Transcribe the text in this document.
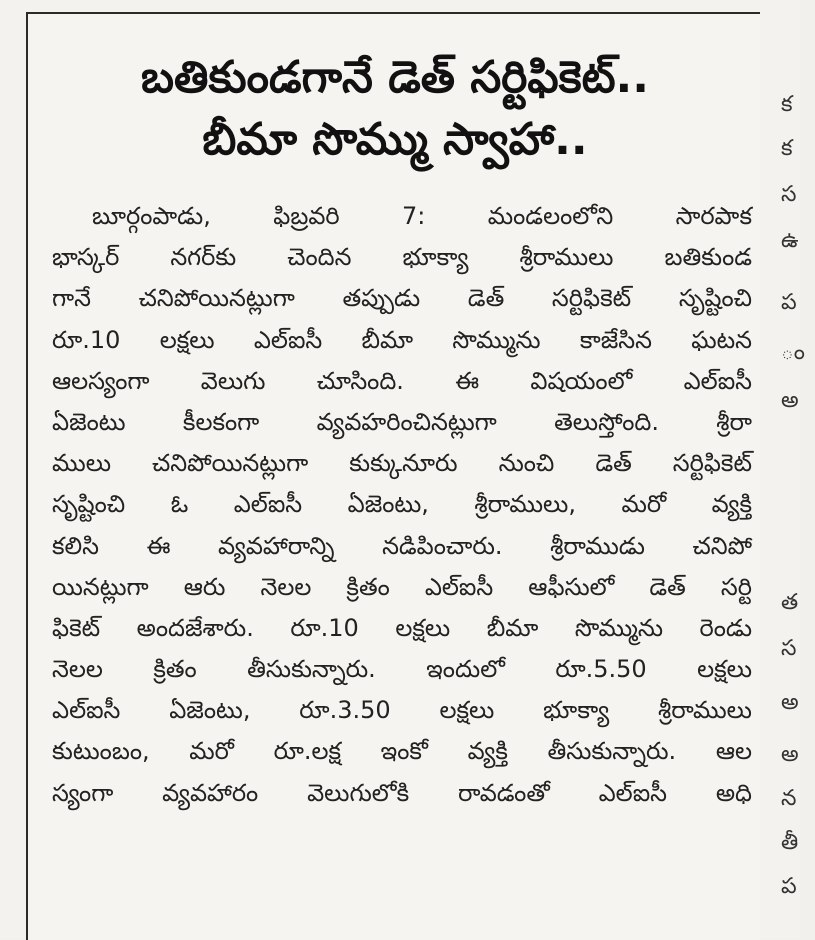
బతికుండగానే డెత్ సర్టిఫికెట్..
బీమా సొమ్ము స్వాహా..
బూర్గంపాడు, ఫిబ్రవరి 7: మండలంలోని సారపాక
భాస్కర్ నగర్‌కు చెందిన భూక్యా శ్రీరాములు బతికుండ
గానే చనిపోయినట్లుగా తప్పుడు డెత్ సర్టిఫికెట్ సృష్టించి
రూ.10 లక్షలు ఎల్ఐసీ బీమా సొమ్మును కాజేసిన ఘటన
ఆలస్యంగా వెలుగు చూసింది. ఈ విషయంలో ఎల్ఐసీ
ఏజెంటు కీలకంగా వ్యవహరించినట్లుగా తెలుస్తోంది. శ్రీరా
ములు చనిపోయినట్లుగా కుక్కునూరు నుంచి డెత్ సర్టిఫికెట్
సృష్టించి ఓ ఎల్ఐసీ ఏజెంటు, శ్రీరాములు, మరో వ్యక్తి
కలిసి ఈ వ్యవహారాన్ని నడిపించారు. శ్రీరాముడు చనిపో
యినట్లుగా ఆరు నెలల క్రితం ఎల్ఐసీ ఆఫీసులో డెత్ సర్టి
ఫికెట్ అందజేశారు. రూ.10 లక్షలు బీమా సొమ్మును రెండు
నెలల క్రితం తీసుకున్నారు. ఇందులో రూ.5.50 లక్షలు
ఎల్ఐసీ ఏజెంటు, రూ.3.50 లక్షలు భూక్యా శ్రీరాములు
కుటుంబం, మరో రూ.లక్ష ఇంకో వ్యక్తి తీసుకున్నారు. ఆల
స్యంగా వ్యవహారం వెలుగులోకి రావడంతో ఎల్ఐసీ అధి
క
క
స
ఉ
ప
ం
అ
త
స
అ
అ
న
తీ
ప
